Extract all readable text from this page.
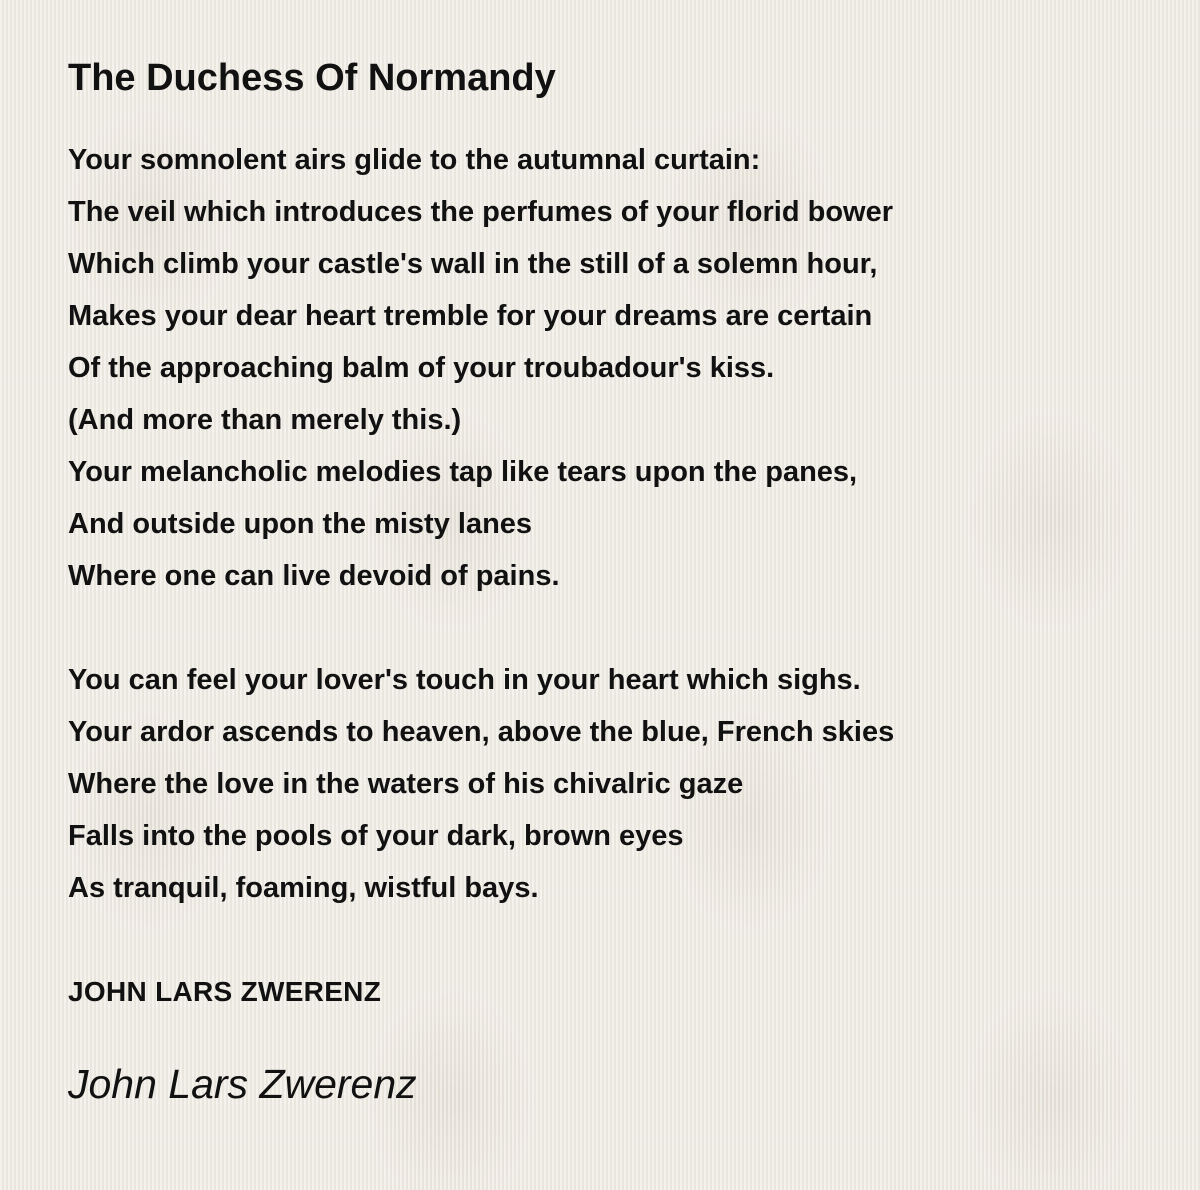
The Duchess Of Normandy
Your somnolent airs glide to the autumnal curtain:
The veil which introduces the perfumes of your florid bower
Which climb your castle's wall in the still of a solemn hour,
Makes your dear heart tremble for your dreams are certain
Of the approaching balm of your troubadour's kiss.
(And more than merely this.)
Your melancholic melodies tap like tears upon the panes,
And outside upon the misty lanes
Where one can live devoid of pains.
You can feel your lover's touch in your heart which sighs.
Your ardor ascends to heaven, above the blue, French skies
Where the love in the waters of his chivalric gaze
Falls into the pools of your dark, brown eyes
As tranquil, foaming, wistful bays.
JOHN LARS ZWERENZ
John Lars Zwerenz
